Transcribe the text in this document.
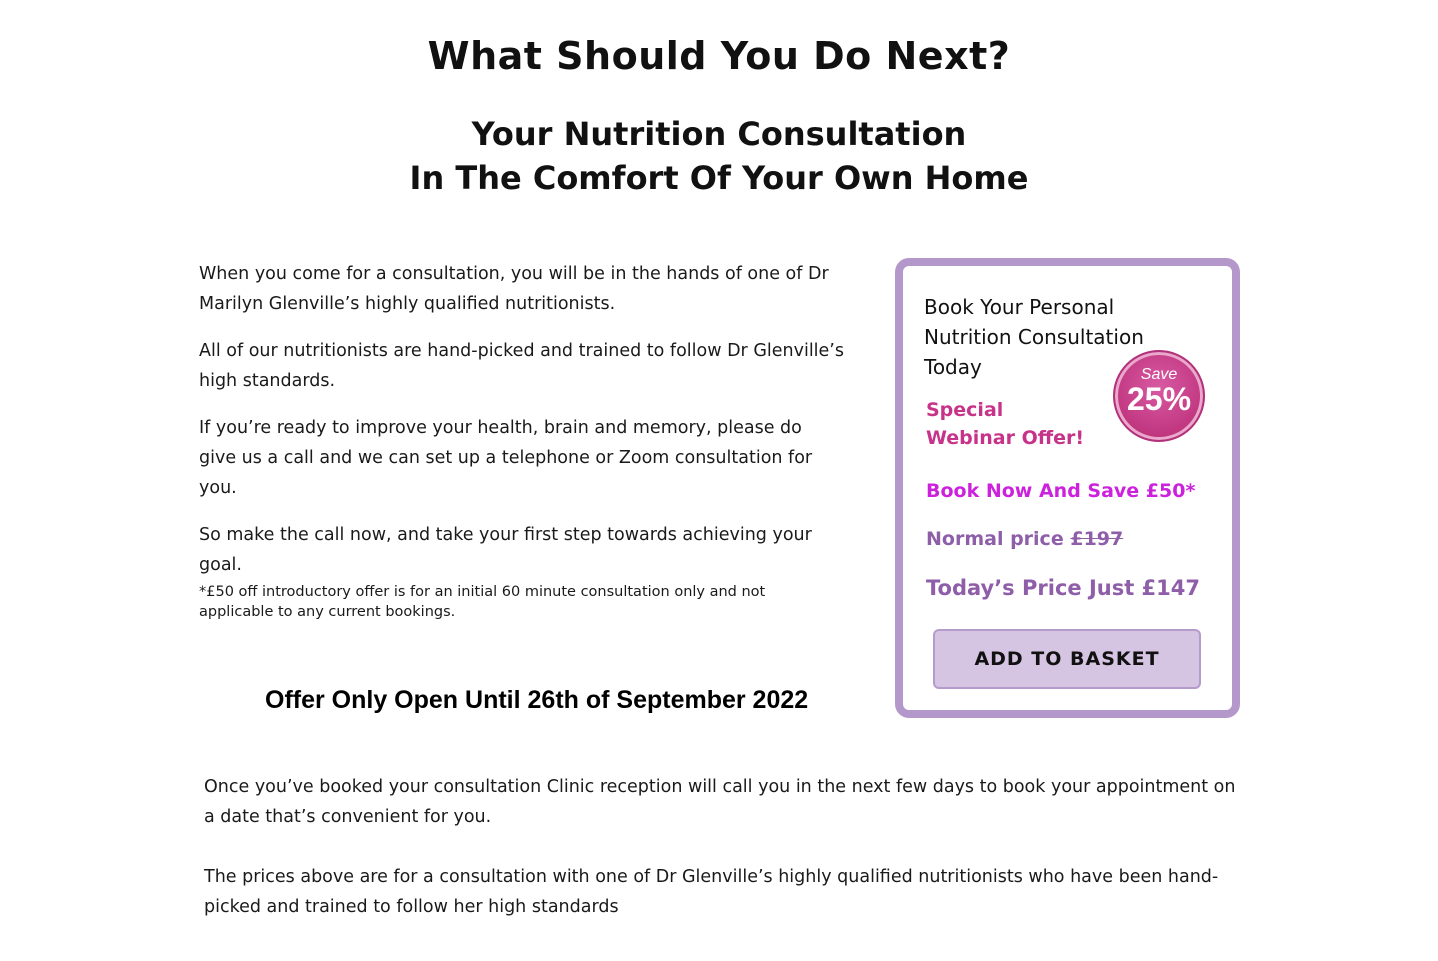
What Should You Do Next?
Your Nutrition Consultation
In The Comfort Of Your Own Home

When you come for a consultation, you will be in the hands of one of Dr Marilyn Glenville’s highly qualified nutritionists.

All of our nutritionists are hand-picked and trained to follow Dr Glenville’s high standards.

If you’re ready to improve your health, brain and memory, please do give us a call and we can set up a telephone or Zoom consultation for you.

So make the call now, and take your first step towards achieving your goal.

*£50 off introductory offer is for an initial 60 minute consultation only and not applicable to any current bookings.

Offer Only Open Until 26th of September 2022
Book Your Personal Nutrition Consultation Today
Special
Webinar Offer!
Save
25%
Book Now And Save £50*
Normal price £197
Today’s Price Just £147
ADD TO BASKET

Once you’ve booked your consultation Clinic reception will call you in the next few days to book your appointment on a date that’s convenient for you.

The prices above are for a consultation with one of Dr Glenville’s highly qualified nutritionists who have been hand-picked and trained to follow her high standards
